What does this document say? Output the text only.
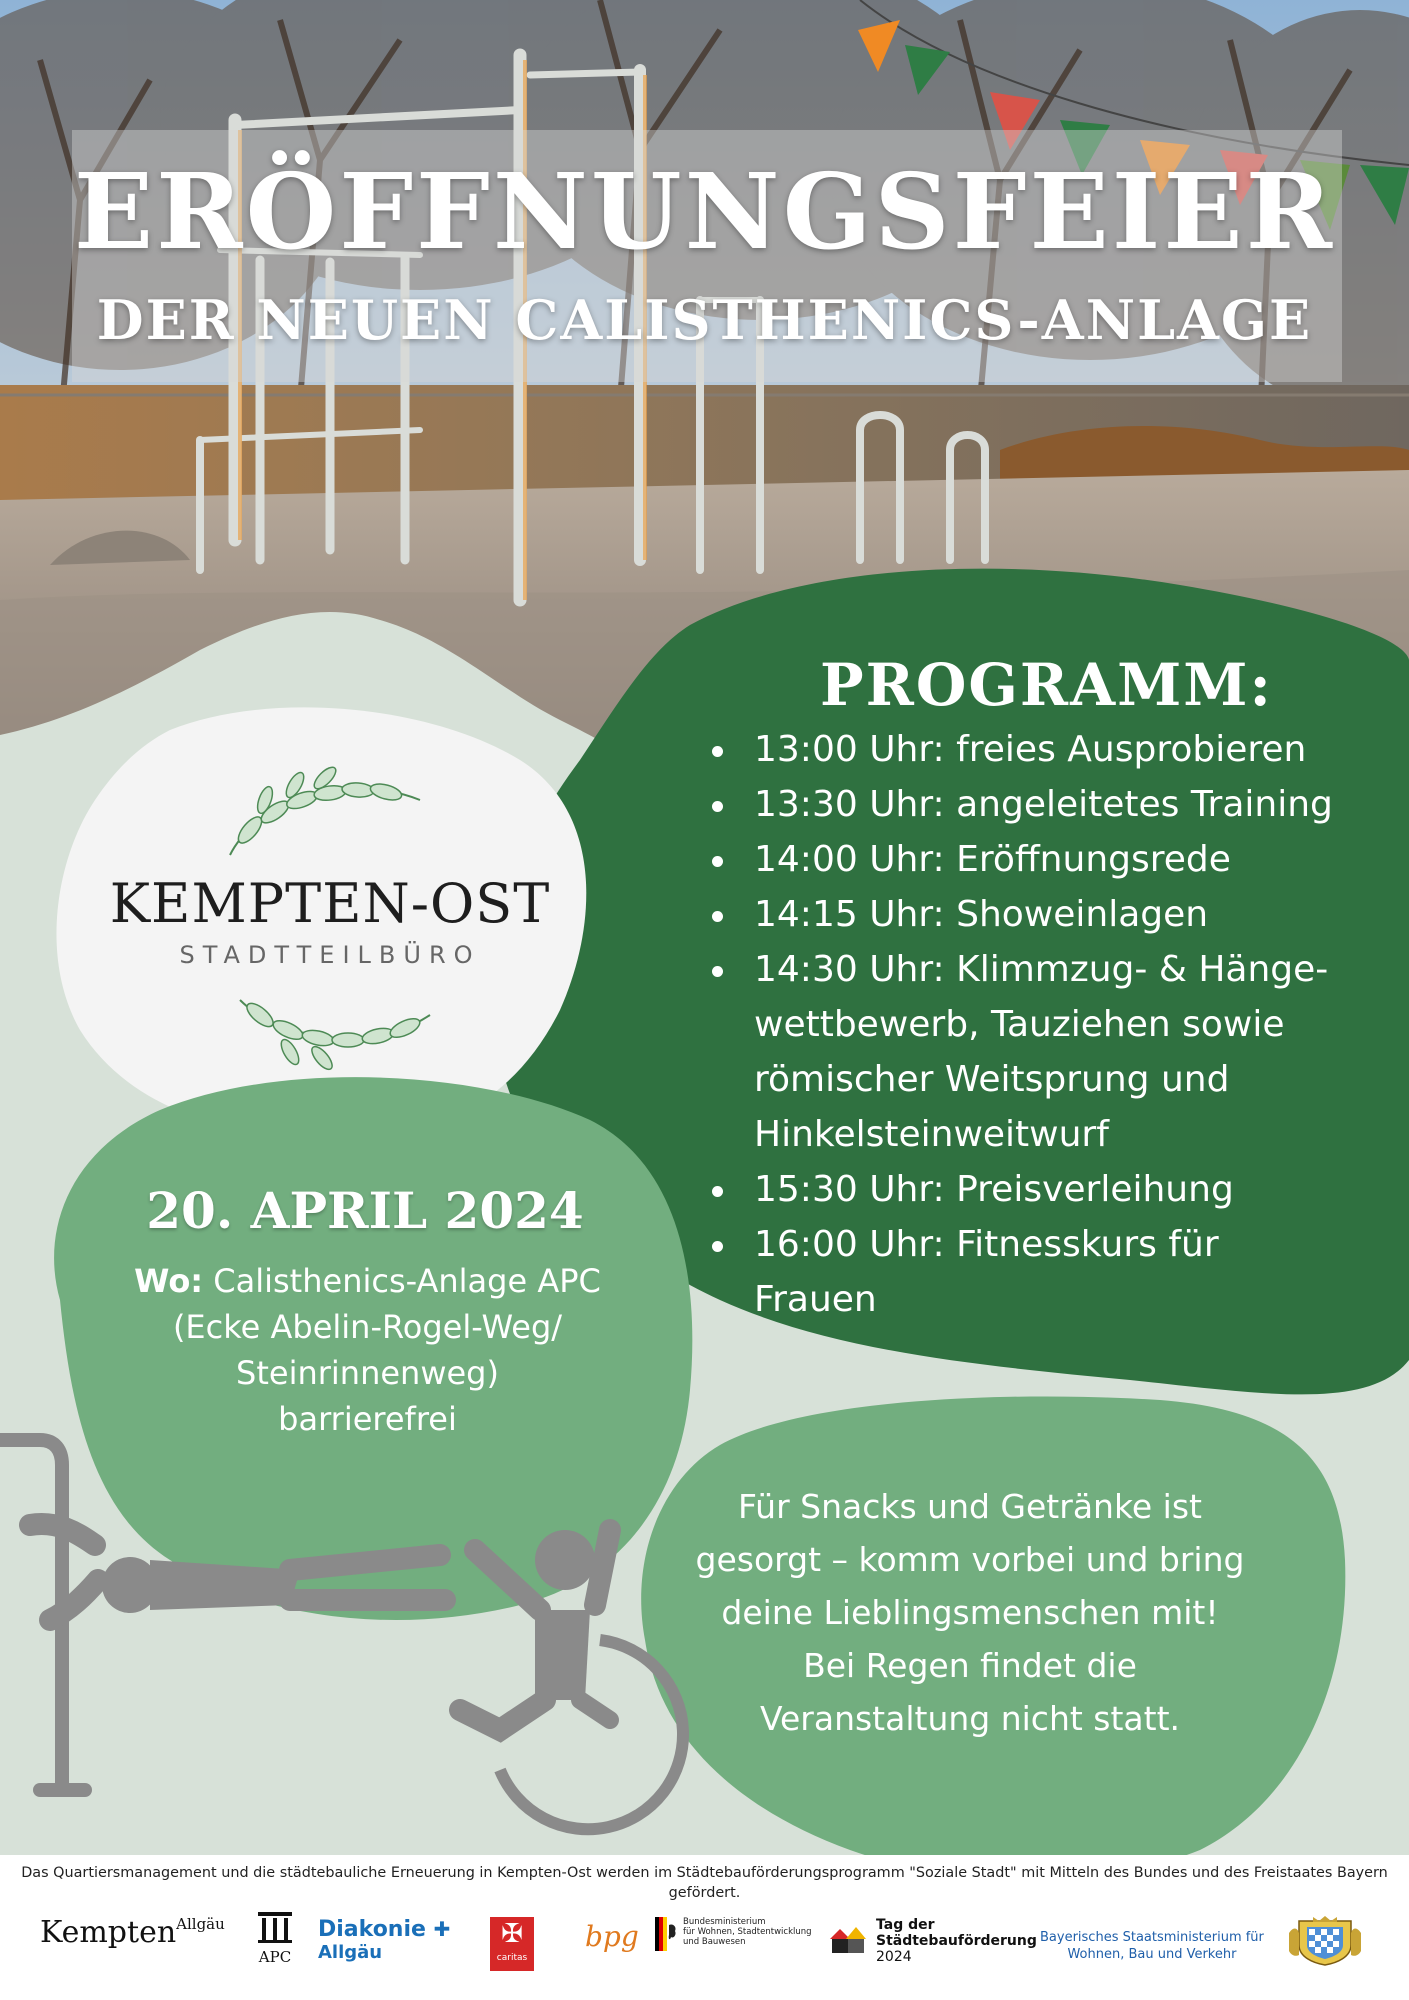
ERÖFFNUNGSFEIER
DER NEUEN CALISTHENICS-ANLAGE
PROGRAMM:
13:00 Uhr: freies Ausprobieren
13:30 Uhr: angeleitetes Training
14:00 Uhr: Eröffnungsrede
14:15 Uhr: Showeinlagen
14:30 Uhr: Klimmzug- & Hänge-wettbewerb, Tauziehen sowie römischer Weitsprung und Hinkelsteinweitwurf
15:30 Uhr: Preisverleihung
16:00 Uhr: Fitnesskurs für Frauen
KEMPTEN-OST
STADTTEILBÜRO
20. APRIL 2024
Wo: Calisthenics-Anlage APC
(Ecke Abelin-Rogel-Weg/
Steinrinnenweg)
barrierefrei
Für Snacks und Getränke ist
gesorgt – komm vorbei und bring
deine Lieblingsmenschen mit!
Bei Regen findet die
Veranstaltung nicht statt.
Das Quartiersmanagement und die städtebauliche Erneuerung in Kempten-Ost werden im Städtebauförderungsprogramm "Soziale Stadt" mit Mitteln des Bundes und des Freistaates Bayern gefördert.
KemptenAllgäu
APC
Diakonie ✚
Allgäu
✠
caritas
bpg	Bundesministerium
für Wohnen, Stadtentwicklung
und Bauwesen
Tag der
Städtebauförderung
2024
Bayerisches Staatsministerium für
Wohnen, Bau und Verkehr
